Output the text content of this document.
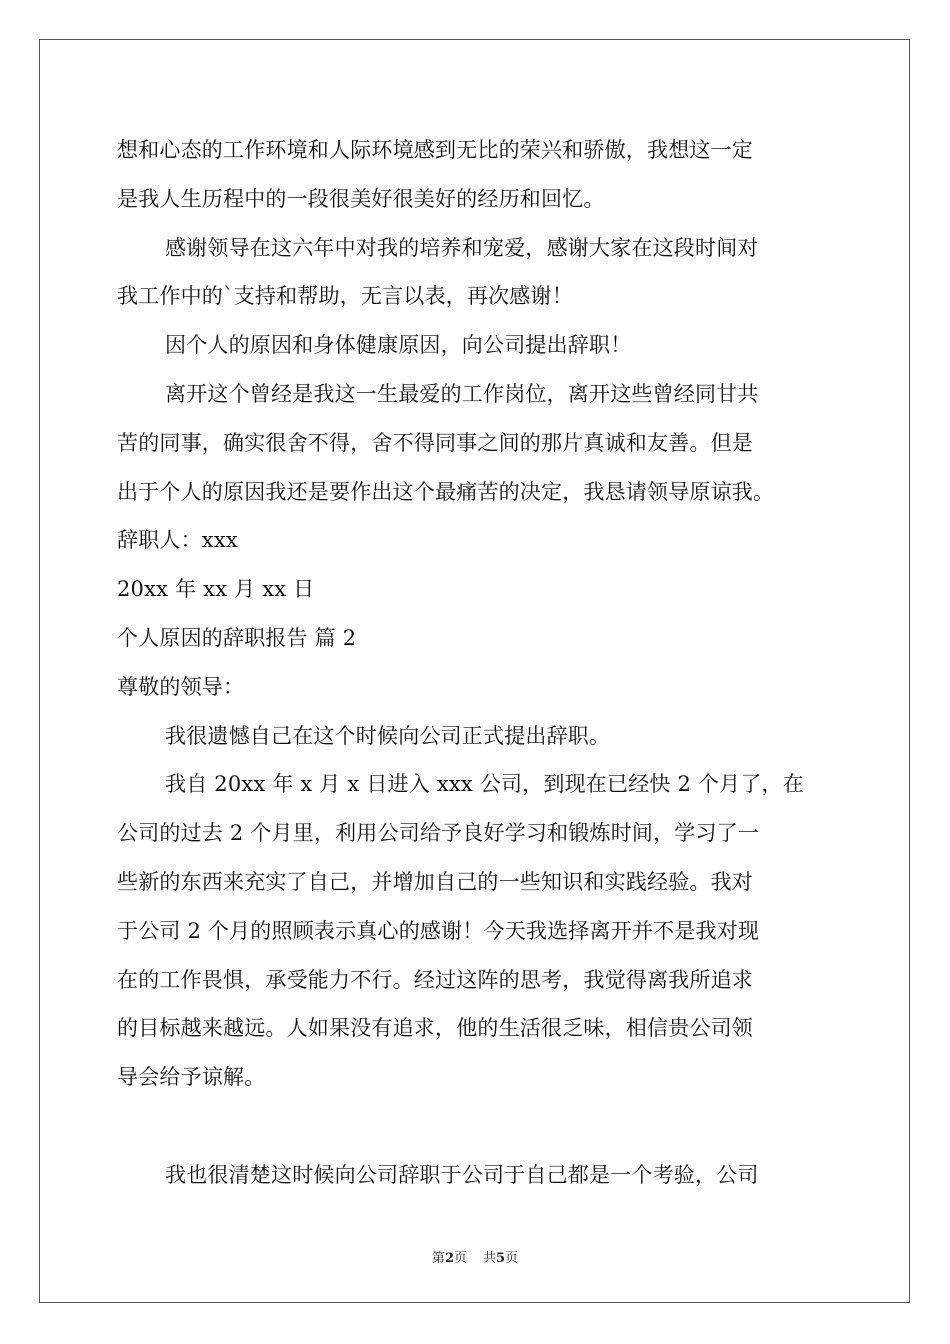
想和心态的工作环境和人际环境感到无比的荣兴和骄傲，我想这一定
是我人生历程中的一段很美好很美好的经历和回忆。
感谢领导在这六年中对我的培养和宠爱，感谢大家在这段时间对
我工作中的`支持和帮助，无言以表，再次感谢！
因个人的原因和身体健康原因，向公司提出辞职！
离开这个曾经是我这一生最爱的工作岗位，离开这些曾经同甘共
苦的同事，确实很舍不得，舍不得同事之间的那片真诚和友善。但是
出于个人的原因我还是要作出这个最痛苦的决定，我恳请领导原谅我。
辞职人：xxx
20xx 年 xx 月 xx 日
个人原因的辞职报告 篇 2
尊敬的领导：
我很遗憾自己在这个时候向公司正式提出辞职。
我自 20xx 年 x 月 x 日进入 xxx 公司，到现在已经快 2 个月了，在
公司的过去 2 个月里，利用公司给予良好学习和锻炼时间，学习了一
些新的东西来充实了自己，并增加自己的一些知识和实践经验。我对
于公司 2 个月的照顾表示真心的感谢！今天我选择离开并不是我对现
在的工作畏惧，承受能力不行。经过这阵的思考，我觉得离我所追求
的目标越来越远。人如果没有追求，他的生活很乏味，相信贵公司领
导会给予谅解。
我也很清楚这时候向公司辞职于公司于自己都是一个考验，公司
第2页 共5页
